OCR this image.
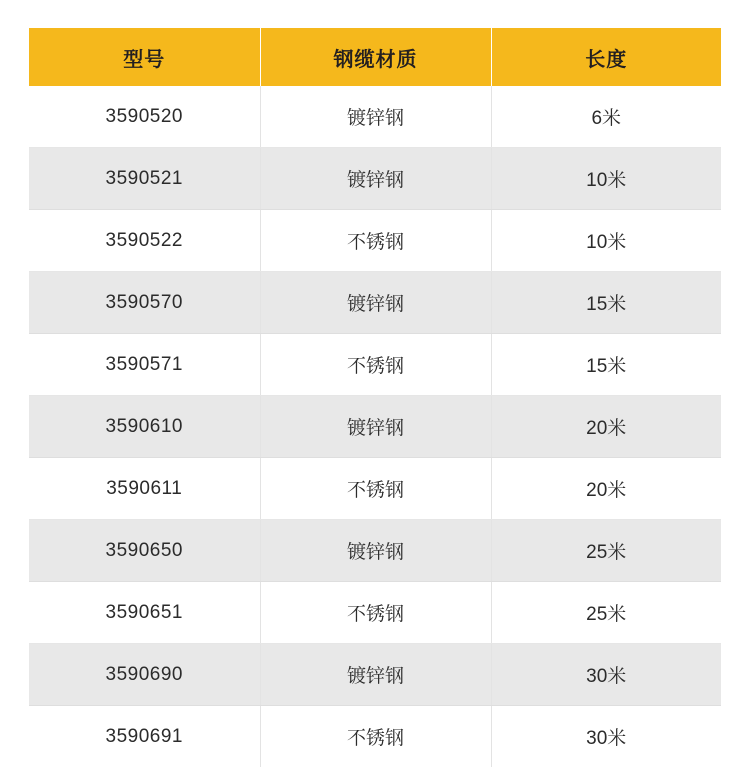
型号	钢缆材质	长度
3590520	镀锌钢	6米
3590521	镀锌钢	10米
3590522	不锈钢	10米
3590570	镀锌钢	15米
3590571	不锈钢	15米
3590610	镀锌钢	20米
3590611	不锈钢	20米
3590650	镀锌钢	25米
3590651	不锈钢	25米
3590690	镀锌钢	30米
3590691	不锈钢	30米
